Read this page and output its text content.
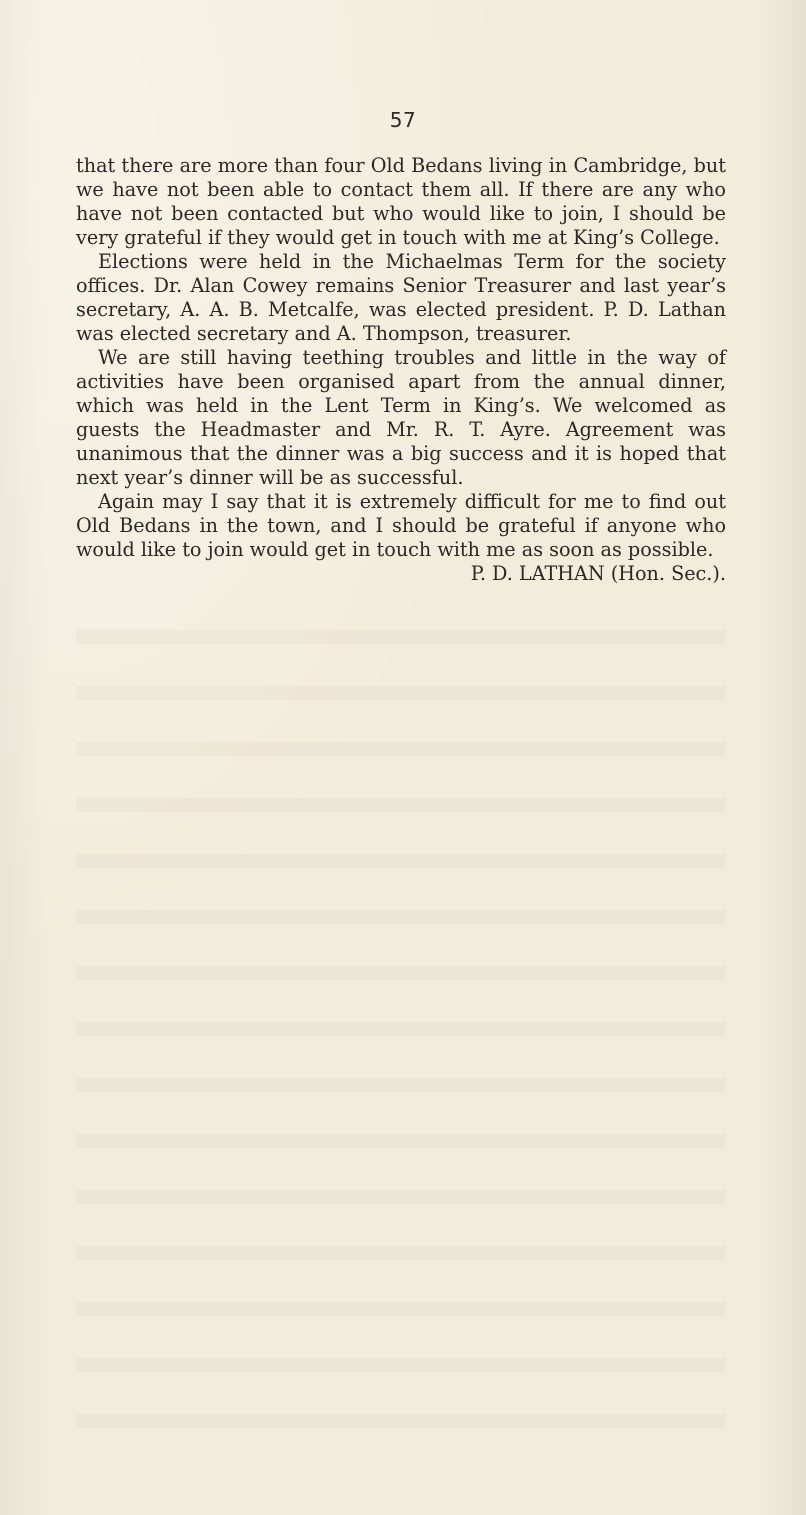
57

that there are more than four Old Bedans living in Cambridge, but we have not been able to contact them all. If there are any who have not been contacted but who would like to join, I should be very grateful if they would get in touch with me at King’s College.

Elections were held in the Michaelmas Term for the society offices. Dr. Alan Cowey remains Senior Treasurer and last year’s secretary, A. A. B. Metcalfe, was elected president. P. D. Lathan was elected secretary and A. Thompson, treasurer.

We are still having teething troubles and little in the way of activities have been organised apart from the annual dinner, which was held in the Lent Term in King’s. We welcomed as guests the Headmaster and Mr. R. T. Ayre. Agreement was unanimous that the dinner was a big success and it is hoped that next year’s dinner will be as successful.

Again may I say that it is extremely difficult for me to find out Old Bedans in the town, and I should be grateful if anyone who would like to join would get in touch with me as soon as possible.

P. D. LATHAN (Hon. Sec.).
